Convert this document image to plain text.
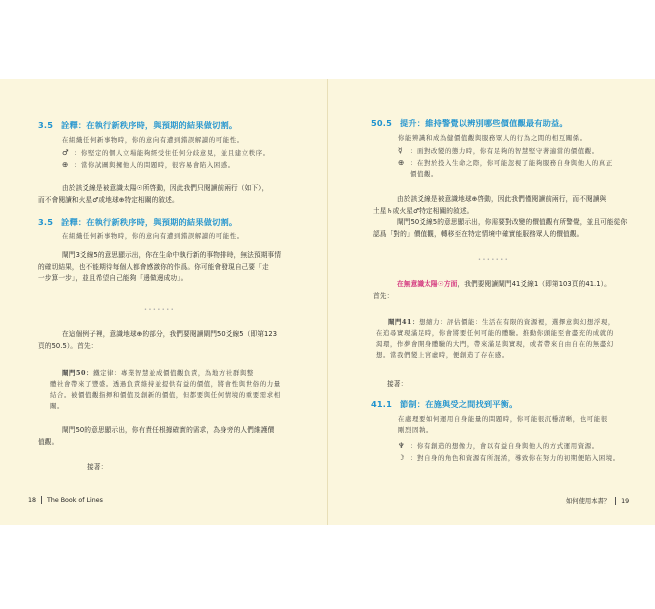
3.5 詮釋：在執行新秩序時，與預期的結果做切割。
在組織任何新事物時，你的意向有遭到錯誤解讀的可能性。
♂ ：你堅定的個人立場能夠經受住任何分歧意見，並且建立秩序。
⊕ ：當你試圖與擁他人的問題時，很容易會陷入困惑。
由於該爻線是被意識太陽☉所啓動，因此我們只閱讀前兩行（如下），
而不會閱讀和火星♂或地球⊕特定相關的敘述。
3.5 詮釋：在執行新秩序時，與預期的結果做切割。
在組織任何新事物時，你的意向有遭到錯誤解讀的可能性。
閘門3爻線5的意思顯示出，你在生命中執行新的事物排時，無法預期事情
的確切結果，也不能期待每個人都會感激你的作爲。你可能會發現自己要「走
一步算一步」，並且希望自己能夠「邊做邊成功」。
•••••••
在這個例子裡，意識地球⊕的部分，我們要閱讀閘門50爻線5（即第123
頁的50.5）。首先：
閘門50：鐵定律：專業智慧並成價值觀負責，為地方社群與整
體社會帶來了豐盛。透過負責維持並提供有益的價值，將會性與世俗的力量
結合。被價值觀指揮和價值及創新的價值，但都要與任何情境的重要需求相
關。
閘門50的意思顯示出，你有責任根據確實的需求，為身旁的人們維護價
值觀。
接著：
18 The Book of Lines
50.5 提升：維持警覺以辨別哪些價值觀最有助益。
你能辨識和成為健價值觀與服務眾人的行為之間的相互關係。
☿ ：面對改變的態力時，你有足夠的智慧堅守著適當的價值觀。
⊕ ：在對於投入生命之際，你可能忽視了能夠服務自身與他人的真正
價值觀。
由於該爻線是被意識地球⊕啓動，因此我們僅閱讀前兩行，而不閱讀與
土星♄或火星♂特定相關的敘述。
閘門50爻線5的意思顯示出，你需要對改變的價值觀有所警覺，並且可能從你
認爲「對的」價值觀，轉移至在特定情境中確實能服務眾人的價值觀。
•••••••
在無意識太陽☉方面，我們要閱讀閘門41爻線1（即第103頁的41.1）。
首先：
閘門41：想縮力：評估價能：生活在有限的資源裡，選擇意與幻想浮現，
在追尋實現滿足時，你會將要任何可能的體驗。推動你頭能至會盡充的成就的
渴環，作夢會開身體驗的大門，帶來滿足與實現，或者帶來自由自在的無盡幻
想。當我們變上宮虛時，便創造了存在感。
接著：
41.1 節制：在施與受之間找到平衡。
在處理要如何運用自身能量的問題時，你可能很沉穩清晰，也可能很
剛烈固執。
♆ ：你有創造的想像力，會以有益自身與他人的方式運用資源。
☽ ：對自身的角色和資源有所混淆，導致你在努力的初期便陷入困境。
如何使用本書？ 19
